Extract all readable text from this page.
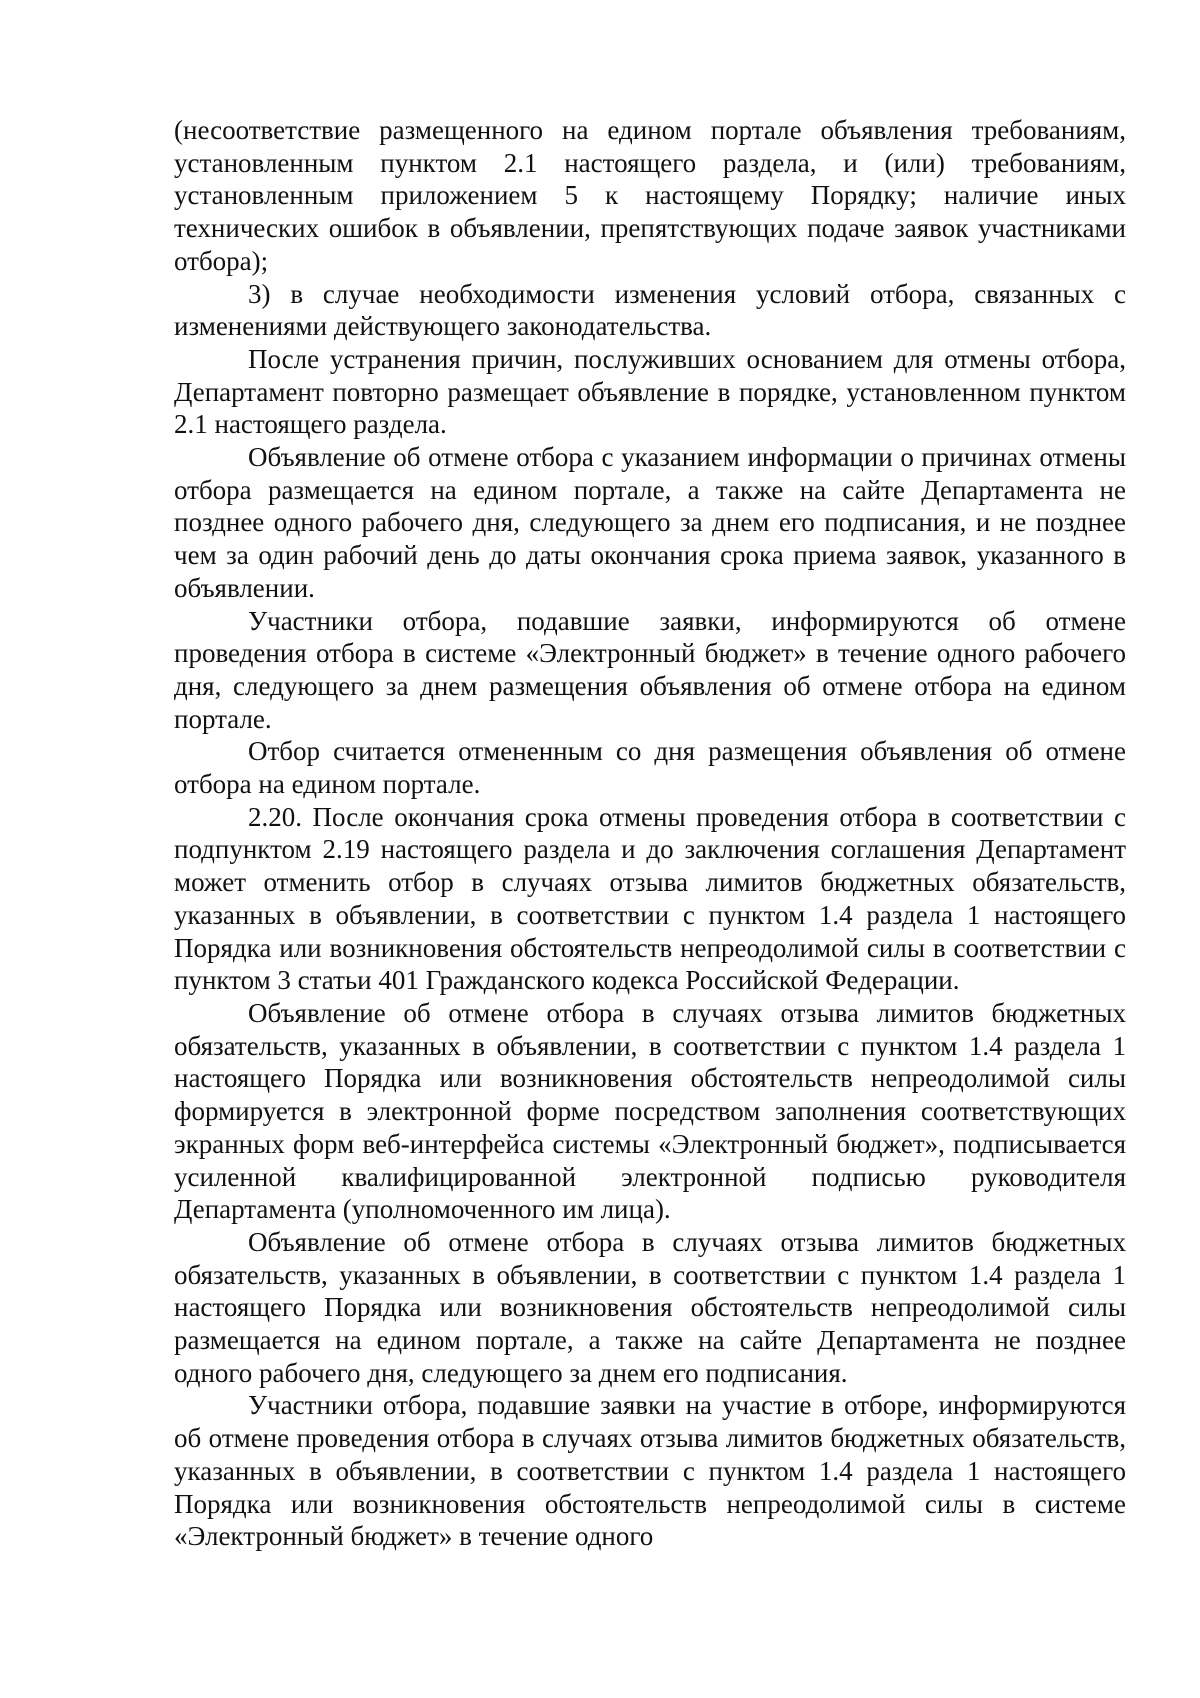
(несоответствие размещенного на едином портале объявления требованиям, установленным пунктом 2.1 настоящего раздела, и (или) требованиям, установленным приложением 5 к настоящему Порядку; наличие иных технических ошибок в объявлении, препятствующих подаче заявок участниками отбора);

3) в случае необходимости изменения условий отбора, связанных с изменениями действующего законодательства.

После устранения причин, послуживших основанием для отмены отбора, Департамент повторно размещает объявление в порядке, установленном пунктом 2.1 настоящего раздела.

Объявление об отмене отбора с указанием информации о причинах отмены отбора размещается на едином портале, а также на сайте Департамента не позднее одного рабочего дня, следующего за днем его подписания, и не позднее чем за один рабочий день до даты окончания срока приема заявок, указанного в объявлении.

Участники отбора, подавшие заявки, информируются об отмене проведения отбора в системе «Электронный бюджет» в течение одного рабочего дня, следующего за днем размещения объявления об отмене отбора на едином портале.

Отбор считается отмененным со дня размещения объявления об отмене отбора на едином портале.

2.20. После окончания срока отмены проведения отбора в соответствии с подпунктом 2.19 настоящего раздела и до заключения соглашения Департамент может отменить отбор в случаях отзыва лимитов бюджетных обязательств, указанных в объявлении, в соответствии с пунктом 1.4 раздела 1 настоящего Порядка или возникновения обстоятельств непреодолимой силы в соответствии с пунктом 3 статьи 401 Гражданского кодекса Российской Федерации.

Объявление об отмене отбора в случаях отзыва лимитов бюджетных обязательств, указанных в объявлении, в соответствии с пунктом 1.4 раздела 1 настоящего Порядка или возникновения обстоятельств непреодолимой силы формируется в электронной форме посредством заполнения соответствующих экранных форм веб-интерфейса системы «Электронный бюджет», подписывается усиленной квалифицированной электронной подписью руководителя Департамента (уполномоченного им лица).

Объявление об отмене отбора в случаях отзыва лимитов бюджетных обязательств, указанных в объявлении, в соответствии с пунктом 1.4 раздела 1 настоящего Порядка или возникновения обстоятельств непреодолимой силы размещается на едином портале, а также на сайте Департамента не позднее одного рабочего дня, следующего за днем его подписания.

Участники отбора, подавшие заявки на участие в отборе, информируются об отмене проведения отбора в случаях отзыва лимитов бюджетных обязательств, указанных в объявлении, в соответствии с пунктом 1.4 раздела 1 настоящего Порядка или возникновения обстоятельств непреодолимой силы в системе «Электронный бюджет» в течение одного
